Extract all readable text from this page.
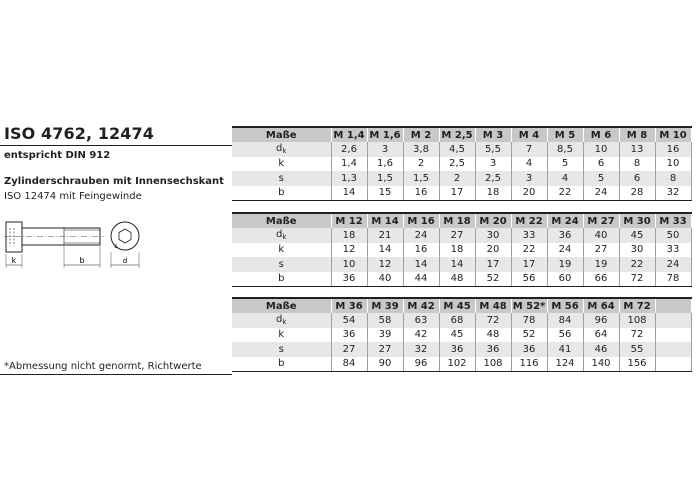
ISO 4762, 12474
entspricht DIN 912
Zylinderschrauben mit Innensechskant
ISO 12474 mit Feingewinde
k	b	d
s
*Abmessung nicht genormt, Richtwerte
Maße	M 1,4	M 1,6	M 2	M 2,5	M 3	M 4	M 5	M 6	M 8	M 10
$d_k$	2,6	3	3,8	4,5	5,5	7	8,5	10	13	16
k	1,4	1,6	2	2,5	3	4	5	6	8	10
s	1,3	1,5	1,5	2	2,5	3	4	5	6	8
b	14	15	16	17	18	20	22	24	28	32
Maße	M 12	M 14	M 16	M 18	M 20	M 22	M 24	M 27	M 30	M 33
$d_k$	18	21	24	27	30	33	36	40	45	50
k	12	14	16	18	20	22	24	27	30	33
s	10	12	14	14	17	17	19	19	22	24
b	36	40	44	48	52	56	60	66	72	78
Maße	M 36	M 39	M 42	M 45	M 48	M 52*	M 56	M 64	M 72	
$d_k$	54	58	63	68	72	78	84	96	108	
k	36	39	42	45	48	52	56	64	72	
s	27	27	32	36	36	36	41	46	55	
b	84	90	96	102	108	116	124	140	156	
